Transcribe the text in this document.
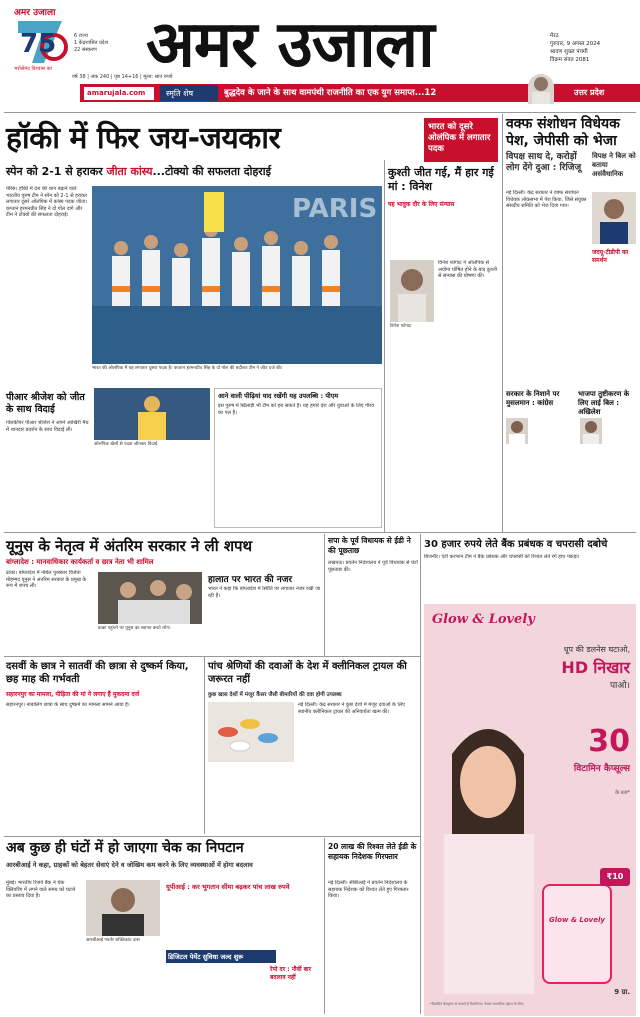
अमर उजाला
75
भरोसेमंद विश्वास का
6 राज्य
1 केंद्रशासित प्रदेश
22 संस्करण अमर उजाला	मेरठ
गुरुवार, 9 अगस्त 2024
श्रावण शुक्ल पंचमी
विक्रम संवत 2081
वर्ष 38 | अंक 240 | पृष्ठ 14+16 | मूल्य: सात रुपये
amarujala.com	स्मृति शेष	बुद्धदेव के जाने के साथ वामपंथी राजनीति का एक युग समाप्त...12	उत्तर प्रदेश
हॉकी में फिर जय-जयकार	भारत को दूसरे ओलंपिक में लगातार पदक
स्पेन को 2-1 से हराकर जीता कांस्य...टोक्यो की सफलता दोहराई

पेरिस। हॉकी में देश की शान बढ़ाने वाले भारतीय पुरुष टीम ने स्पेन को 2-1 से हराकर लगातार दूसरे ओलंपिक में कांस्य पदक जीता। कप्तान हरमनप्रीत सिंह ने दो गोल दागे और टीम ने टोक्यो की सफलता दोहराई।	PARIS
भारत की ओलंपिक में यह लगातार दूसरा पदक है। कप्तान हरमनप्रीत सिंह के दो गोल की बदौलत टीम ने जीत दर्ज की।
पीआर श्रीजेश को जीत के साथ विदाई

गोलकीपर पीआर श्रीजेश ने अपने आखिरी मैच में शानदार प्रदर्शन के साथ विदाई ली।

ओलंपिक खेलों से पदक जीतकर विदाई
आने वाली पीढ़ियां याद रखेंगी यह उपलब्धि : पीएम
इस पुरुष में खिलाड़ी भी टीम को हरा सकते हैं। यह हमारे देश और युवाओं के लिए गौरव का पल है।
कुश्ती जीत गई, मैं हार गई मां : विनेश
यह भावुक दौर के लिए संन्यास
विनेश फोगाट

विनेश फोगाट ने ओलंपिक से अयोग्य घोषित होने के बाद कुश्ती से संन्यास की घोषणा की।

वक्फ संशोधन विधेयक पेश, जेपीसी को भेजा
विपक्ष साथ दे, करोड़ों लोग देंगे दुआ : रिजिजू
विपक्ष ने बिल को बताया असंवैधानिक

नई दिल्ली। केंद्र सरकार ने वक्फ संशोधन विधेयक लोकसभा में पेश किया, जिसे संयुक्त संसदीय समिति को भेज दिया गया।

जदयू-टीडीपी का समर्थन
सरकार के निशाने पर मुसलमान : कांग्रेस
भाजपा तुष्टीकरण के लिए लाई बिल : अखिलेश
यूनुस के नेतृत्व में अंतरिम सरकार ने ली शपथ
बांग्लादेश : मानवाधिकार कार्यकर्ता व छात्र नेता भी शामिल

ढाका। बांग्लादेश में नोबेल पुरस्कार विजेता मोहम्मद यूनुस ने अंतरिम सरकार के प्रमुख के रूप में शपथ ली।

ढाका पहुंचने पर यूनुस का स्वागत करते लोग।
हालात पर भारत की नजर

भारत ने कहा कि बांग्लादेश में स्थिति पर लगातार नजर रखी जा रही है।

सपा के पूर्व विधायक से ईडी ने की पूछताछ

लखनऊ। प्रवर्तन निदेशालय ने पूर्व विधायक से घंटों पूछताछ की।

30 हजार रुपये लेते बैंक प्रबंधक व चपरासी दबोचे

बिजनौर। एंटी करप्शन टीम ने बैंक प्रबंधक और चपरासी को रिश्वत लेते रंगे हाथ पकड़ा।

दसवीं के छात्र ने सातवीं की छात्रा से दुष्कर्म किया, छह माह की गर्भवती
सहारनपुर का मामला, पीड़िता की मां ने लगाए हैं मुकदमा दर्ज

सहारनपुर। नाबालिग छात्रा के साथ दुष्कर्म का मामला सामने आया है।

पांच श्रेणियों की दवाओं के देश में क्लीनिकल ट्रायल की जरूरत नहीं
कुछ खास देशों में मंजूर कैंसर जैसी बीमारियों की दवा होगी उपलब्ध

नई दिल्ली। केंद्र सरकार ने कुछ देशों में मंजूर दवाओं के लिए स्थानीय क्लीनिकल ट्रायल की अनिवार्यता खत्म की।

Glow & Lovely
धूप की डलनेस घटाओ,
HD निखार
पाओ।
30
विटामिन कैप्सूल्स
के तत्व*
Glow & Lovely
₹10
9 ग्रा.
*विटामिन कैप्सूल्स से तात्पर्य है विटामिन्स। केवल व्यापारिक उद्देश्य के लिए।
अब कुछ ही घंटों में हो जाएगा चेक का निपटान
आरबीआई ने कहा, ग्राहकों को बेहतर सेवाएं देने व जोखिम कम करने के लिए व्यवस्थाओं में होगा बदलाव

मुंबई। भारतीय रिजर्व बैंक ने चेक क्लियरिंग में लगने वाले समय को घटाने का प्रस्ताव दिया है।

आरबीआई गवर्नर शक्तिकांत दास
यूपीआई : कर भुगतान सीमा बढ़कर पांच लाख रुपये
डिजिटल पेमेंट सुविधा जल्द शुरू
रेपो दर : नौवीं बार बदलाव नहीं
20 लाख की रिश्वत लेते ईडी के सहायक निदेशक गिरफ्तार

नई दिल्ली। सीबीआई ने प्रवर्तन निदेशालय के सहायक निदेशक को रिश्वत लेते हुए गिरफ्तार किया।
